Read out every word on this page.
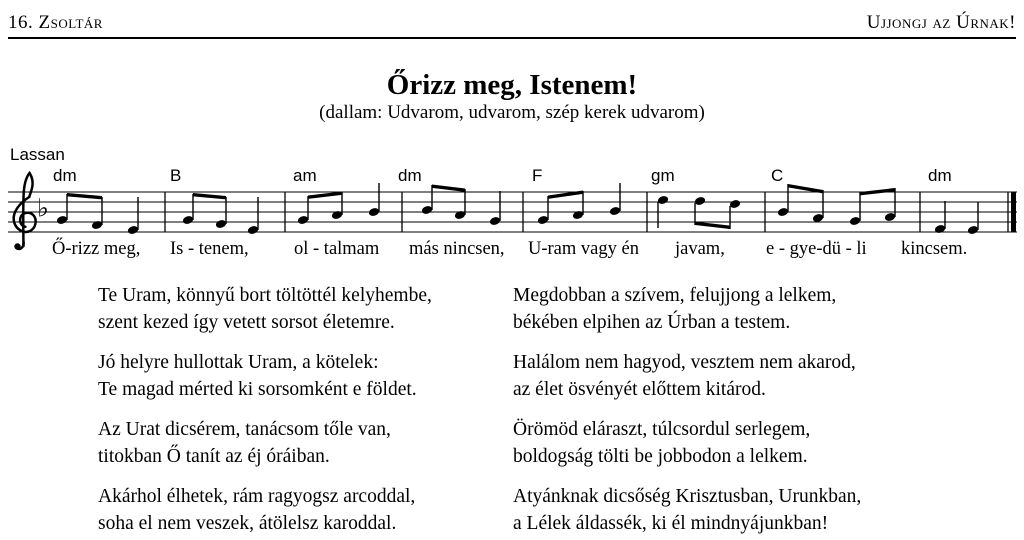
16. Zsoltár	Ujjongj az Úrnak!
Őrizz meg, Istenem!
(dallam: Udvarom, udvarom, szép kerek udvarom)
Lassan
dm	B	am	dm	F	gm	C	dm
♭
Ő-rizz meg, Is - tenem, ol - talmam más nincsen, U-ram vagy én javam, e - gye-dü - li kincsem.

Te Uram, könnyű bort töltöttél kelyhembe,

szent kezed így vetett sorsot életemre.

Jó helyre hullottak Uram, a kötelek:

Te magad mérted ki sorsomként e földet.

Az Urat dicsérem, tanácsom tőle van,

titokban Ő tanít az éj óráiban.

Akárhol élhetek, rám ragyogsz arcoddal,

soha el nem veszek, átölelsz karoddal.

Megdobban a szívem, felujjong a lelkem,

békében elpihen az Úrban a testem.

Halálom nem hagyod, vesztem nem akarod,

az élet ösvényét előttem kitárod.

Örömöd eláraszt, túlcsordul serlegem,

boldogság tölti be jobbodon a lelkem.

Atyánknak dicsőség Krisztusban, Urunkban,

a Lélek áldassék, ki él mindnyájunkban!
